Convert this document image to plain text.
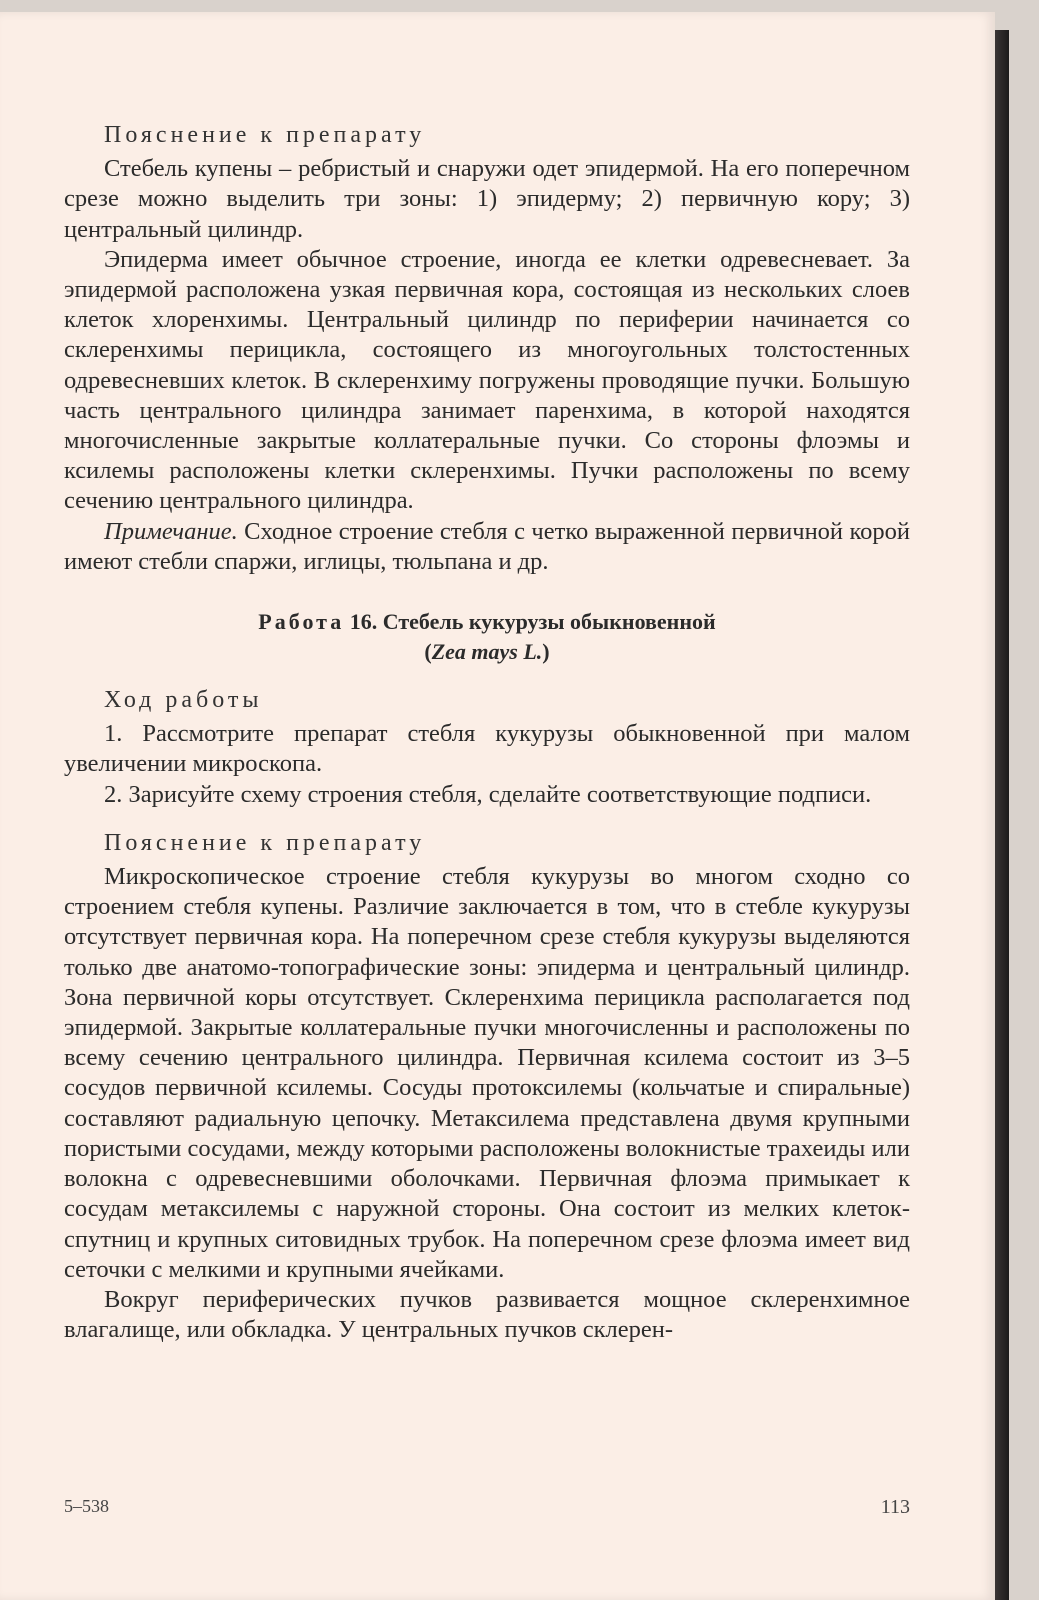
Пояснение к препарату

Стебель купены – ребристый и снаружи одет эпидермой. На его поперечном срезе можно выделить три зоны: 1) эпидерму; 2) первичную кору; 3) центральный цилиндр.

Эпидерма имеет обычное строение, иногда ее клетки одревесневает. За эпидермой расположена узкая первичная кора, состоящая из нескольких слоев клеток хлоренхимы. Центральный цилиндр по периферии начинается со склеренхимы перицикла, состоящего из многоугольных толстостенных одревесневших клеток. В склеренхиму погружены проводящие пучки. Большую часть центрального цилиндра занимает паренхима, в которой находятся многочисленные закрытые коллатеральные пучки. Со стороны флоэмы и ксилемы расположены клетки склеренхимы. Пучки расположены по всему сечению центрального цилиндра.

Примечание. Сходное строение стебля с четко выраженной первичной корой имеют стебли спаржи, иглицы, тюльпана и др.

Работа 16. Стебель кукурузы обыкновенной
(Zea mays L.)
Ход работы

1. Рассмотрите препарат стебля кукурузы обыкновенной при малом увеличении микроскопа.

2. Зарисуйте схему строения стебля, сделайте соответствующие подписи.

Пояснение к препарату

Микроскопическое строение стебля кукурузы во многом сходно со строением стебля купены. Различие заключается в том, что в стебле кукурузы отсутствует первичная кора. На поперечном срезе стебля кукурузы выделяются только две анатомо-топографические зоны: эпидерма и центральный цилиндр. Зона первичной коры отсутствует. Склеренхима перицикла располагается под эпидермой. Закрытые коллатеральные пучки многочисленны и расположены по всему сечению центрального цилиндра. Первичная ксилема состоит из 3–5 сосудов первичной ксилемы. Сосуды протоксилемы (кольчатые и спиральные) составляют радиальную цепочку. Метаксилема представлена двумя крупными пористыми сосудами, между которыми расположены волокнистые трахеиды или волокна с одревесневшими оболочками. Первичная флоэма примыкает к сосудам метаксилемы с наружной стороны. Она состоит из мелких клеток-спутниц и крупных ситовидных трубок. На поперечном срезе флоэма имеет вид сеточки с мелкими и крупными ячейками.

Вокруг периферических пучков развивается мощное склеренхимное влагалище, или обкладка. У центральных пучков склерен-

5–538	113
